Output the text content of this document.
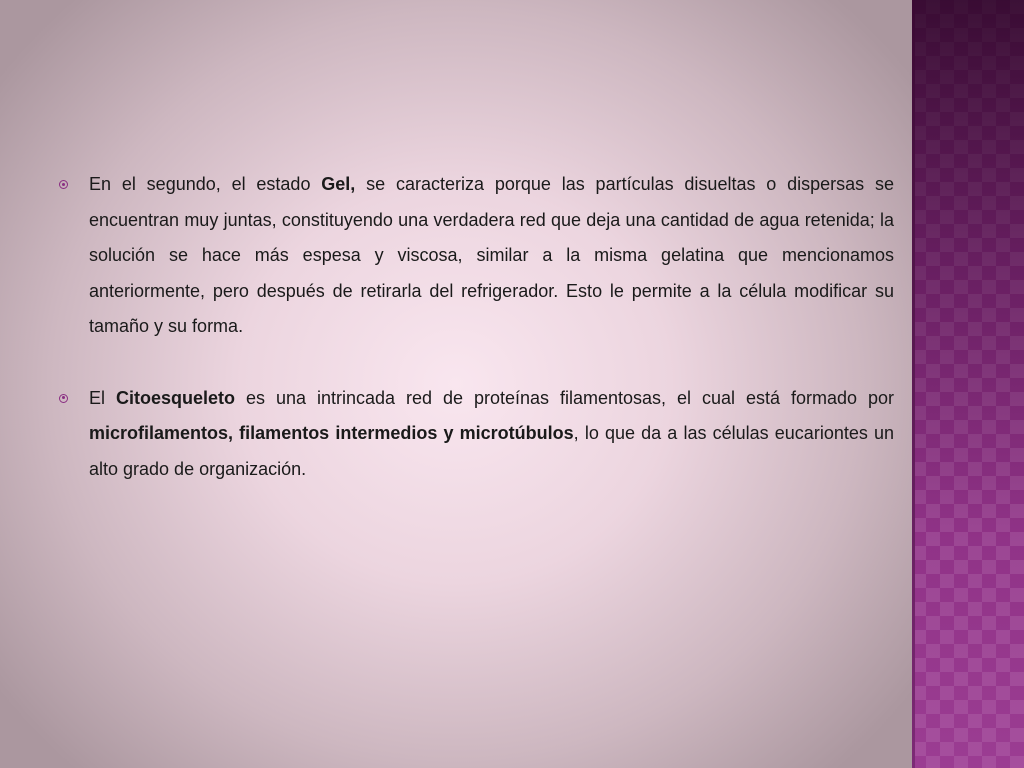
En el segundo, el estado Gel, se caracteriza porque las partículas disueltas o dispersas se encuentran muy juntas, constituyendo una verdadera red que deja una cantidad de agua retenida; la solución se hace más espesa y viscosa, similar a la misma gelatina que mencionamos anteriormente, pero después de retirarla del refrigerador. Esto le permite a la célula modificar su tamaño y su forma.
El Citoesqueleto es una intrincada red de proteínas filamentosas, el cual está formado por microfilamentos, filamentos intermedios y microtúbulos, lo que da a las células eucariontes un alto grado de organización.
